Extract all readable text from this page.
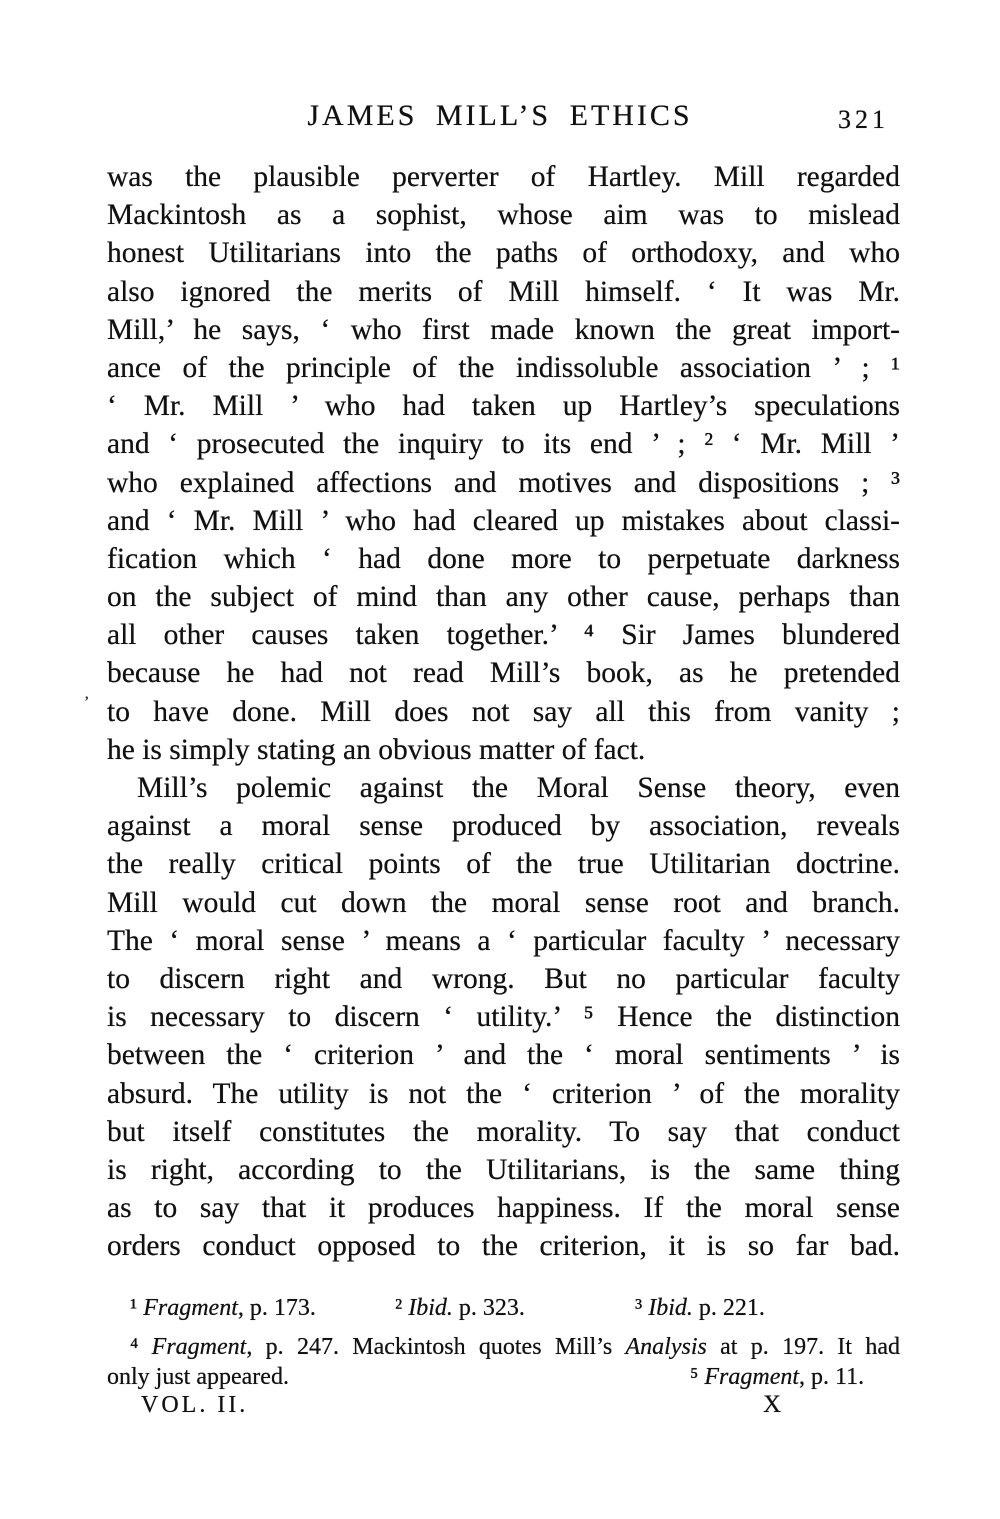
JAMES MILL’S ETHICS	321
’
was the plausible perverter of Hartley. Mill regarded
Mackintosh as a sophist, whose aim was to mislead
honest Utilitarians into the paths of orthodoxy, and who
also ignored the merits of Mill himself. ‘ It was Mr.
Mill,’ he says, ‘ who first made known the great import-
ance of the principle of the indissoluble association ’ ; ¹
‘ Mr. Mill ’ who had taken up Hartley’s speculations
and ‘ prosecuted the inquiry to its end ’ ; ² ‘ Mr. Mill ’
who explained affections and motives and dispositions ; ³
and ‘ Mr. Mill ’ who had cleared up mistakes about classi-
fication which ‘ had done more to perpetuate darkness
on the subject of mind than any other cause, perhaps than
all other causes taken together.’ ⁴ Sir James blundered
because he had not read Mill’s book, as he pretended
to have done. Mill does not say all this from vanity ;
he is simply stating an obvious matter of fact.
Mill’s polemic against the Moral Sense theory, even
against a moral sense produced by association, reveals
the really critical points of the true Utilitarian doctrine.
Mill would cut down the moral sense root and branch.
The ‘ moral sense ’ means a ‘ particular faculty ’ necessary
to discern right and wrong. But no particular faculty
is necessary to discern ‘ utility.’ ⁵ Hence the distinction
between the ‘ criterion ’ and the ‘ moral sentiments ’ is
absurd. The utility is not the ‘ criterion ’ of the morality
but itself constitutes the morality. To say that conduct
is right, according to the Utilitarians, is the same thing
as to say that it produces happiness. If the moral sense
orders conduct opposed to the criterion, it is so far bad.
¹ Fragment, p. 173.	² Ibid. p. 323.	³ Ibid. p. 221.
⁴ Fragment, p. 247. Mackintosh quotes Mill’s Analysis at p. 197. It had
only just appeared.	⁵ Fragment, p. 11.
VOL. II.	X
